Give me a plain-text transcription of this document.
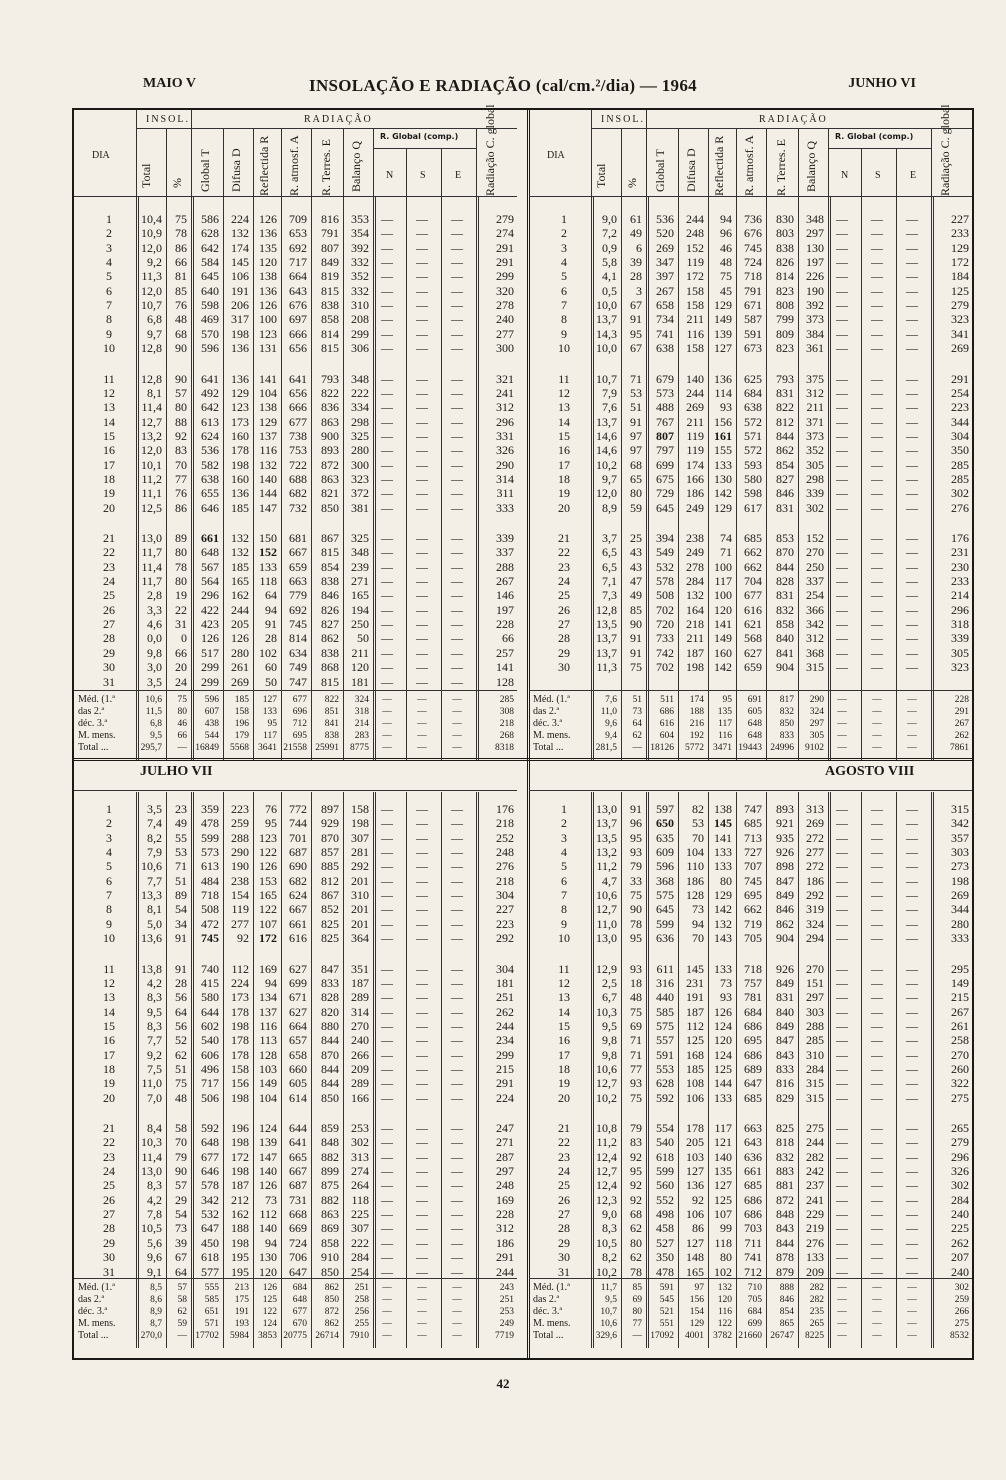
MAIO V	INSOLAÇÃO E RADIAÇÃO (cal/cm.²/dia) — 1964	JUNHO VI
DIA
INSOL.	RADIAÇÃO
R. Global (comp.)
N	S	E
Total % Global T Difusa D Reflectida R R. atmosf. A R. Terres. E Balanço Q	Radiação C. global
1	10,4 75 586 224 126 709 816 353	—	—	—	279
2	10,9 78 628 132 136 653 791 354	—	—	—	274
3	12,0 86 642 174 135 692 807 392	—	—	—	291
4	9,2 66 584 145 120 717 849 332	—	—	—	291
5	11,3 81 645 106 138 664 819 352	—	—	—	299
6	12,0 85 640 191 136 643 815 332	—	—	—	320
7	10,7 76 598 206 126 676 838 310	—	—	—	278
8	6,8 48 469 317 100 697 858 208	—	—	—	240
9	9,7 68 570 198 123 666 814 299	—	—	—	277
10	12,8 90 596 136 131 656 815 306	—	—	—	300
11	12,8 90 641 136 141 641 793 348	—	—	—	321
12	8,1 57 492 129 104 656 822 222	—	—	—	241
13	11,4 80 642 123 138 666 836 334	—	—	—	312
14	12,7 88 613 173 129 677 863 298	—	—	—	296
15	13,2 92 624 160 137 738 900 325	—	—	—	331
16	12,0 83 536 178 116 753 893 280	—	—	—	326
17	10,1 70 582 198 132 722 872 300	—	—	—	290
18	11,2 77 638 160 140 688 863 323	—	—	—	314
19	11,1 76 655 136 144 682 821 372	—	—	—	311
20	12,5 86 646 185 147 732 850 381	—	—	—	333
21	13,0 89 661 132 150 681 867 325	—	—	—	339
22	11,7 80 648 132 152 667 815 348	—	—	—	337
23	11,4 78 567 185 133 659 854 239	—	—	—	288
24	11,7 80 564 165 118 663 838 271	—	—	—	267
25	2,8 19 296 162 64 779 846 165	—	—	—	146
26	3,3 22 422 244 94 692 826 194	—	—	—	197
27	4,6 31 423 205 91 745 827 250	—	—	—	228
28	0,0 0 126 126 28 814 862 50	—	—	—	66
29	9,8 66 517 280 102 634 838 211	—	—	—	257
30	3,0 20 299 261 60 749 868 120	—	—	—	141
31	3,5 24 299 269 50 747 815 181	—	—	—	128
Méd. (1.ª	10,6 75 596 185 127 677 822 324	—	—	—	285
das 2.ª	11,5 80 607 158 133 696 851 318	—	—	—	308
déc. 3.ª	6,8 46 438 196 95 712 841 214	—	—	—	218
M. mens.	9,5 66 544 179 117 695 838 283	—	—	—	268
Total ...	295,7 — 16849 5568 3641 21558 25991 8775	—	—	—	8318
DIA
INSOL.	RADIAÇÃO
R. Global (comp.)
N	S	E
Total % Global T Difusa D Reflectida R R. atmosf. A R. Terres. E Balanço Q	Radiação C. global
1	9,0 61 536 244 94 736 830 348	—	—	—	227
2	7,2 49 520 248 96 676 803 297	—	—	—	233
3	0,9 6 269 152 46 745 838 130	—	—	—	129
4	5,8 39 347 119 48 724 826 197	—	—	—	172
5	4,1 28 397 172 75 718 814 226	—	—	—	184
6	0,5 3 267 158 45 791 823 190	—	—	—	125
7	10,0 67 658 158 129 671 808 392	—	—	—	279
8	13,7 91 734 211 149 587 799 373	—	—	—	323
9	14,3 95 741 116 139 591 809 384	—	—	—	341
10	10,0 67 638 158 127 673 823 361	—	—	—	269
11	10,7 71 679 140 136 625 793 375	—	—	—	291
12	7,9 53 573 244 114 684 831 312	—	—	—	254
13	7,6 51 488 269 93 638 822 211	—	—	—	223
14	13,7 91 767 211 156 572 812 371	—	—	—	344
15	14,6 97 807 119 161 571 844 373	—	—	—	304
16	14,6 97 797 119 155 572 862 352	—	—	—	350
17	10,2 68 699 174 133 593 854 305	—	—	—	285
18	9,7 65 675 166 130 580 827 298	—	—	—	285
19	12,0 80 729 186 142 598 846 339	—	—	—	302
20	8,9 59 645 249 129 617 831 302	—	—	—	276
21	3,7 25 394 238 74 685 853 152	—	—	—	176
22	6,5 43 549 249 71 662 870 270	—	—	—	231
23	6,5 43 532 278 100 662 844 250	—	—	—	230
24	7,1 47 578 284 117 704 828 337	—	—	—	233
25	7,3 49 508 132 100 677 831 254	—	—	—	214
26	12,8 85 702 164 120 616 832 366	—	—	—	296
27	13,5 90 720 218 141 621 858 342	—	—	—	318
28	13,7 91 733 211 149 568 840 312	—	—	—	339
29	13,7 91 742 187 160 627 841 368	—	—	—	305
30	11,3 75 702 198 142 659 904 315	—	—	—	323
Méd. (1.ª	7,6 51 511 174 95 691 817 290	—	—	—	228
das 2.ª	11,0 73 686 188 135 605 832 324	—	—	—	291
déc. 3.ª	9,6 64 616 216 117 648 850 297	—	—	—	267
M. mens.	9,4 62 604 192 116 648 833 305	—	—	—	262
Total ...	281,5 — 18126 5772 3471 19443 24996 9102	—	—	—	7861
JULHO VII
1	3,5 23 359 223 76 772 897 158	—	—	—	176
2	7,4 49 478 259 95 744 929 198	—	—	—	218
3	8,2 55 599 288 123 701 870 307	—	—	—	252
4	7,9 53 573 290 122 687 857 281	—	—	—	248
5	10,6 71 613 190 126 690 885 292	—	—	—	276
6	7,7 51 484 238 153 682 812 201	—	—	—	218
7	13,3 89 718 154 165 624 867 310	—	—	—	304
8	8,1 54 508 119 122 667 852 201	—	—	—	227
9	5,0 34 472 277 107 661 825 201	—	—	—	223
10	13,6 91 745 92 172 616 825 364	—	—	—	292
11	13,8 91 740 112 169 627 847 351	—	—	—	304
12	4,2 28 415 224 94 699 833 187	—	—	—	181
13	8,3 56 580 173 134 671 828 289	—	—	—	251
14	9,5 64 644 178 137 627 820 314	—	—	—	262
15	8,3 56 602 198 116 664 880 270	—	—	—	244
16	7,7 52 540 178 113 657 844 240	—	—	—	234
17	9,2 62 606 178 128 658 870 266	—	—	—	299
18	7,5 51 496 158 103 660 844 209	—	—	—	215
19	11,0 75 717 156 149 605 844 289	—	—	—	291
20	7,0 48 506 198 104 614 850 166	—	—	—	224
21	8,4 58 592 196 124 644 859 253	—	—	—	247
22	10,3 70 648 198 139 641 848 302	—	—	—	271
23	11,4 79 677 172 147 665 882 313	—	—	—	287
24	13,0 90 646 198 140 667 899 274	—	—	—	297
25	8,3 57 578 187 126 687 875 264	—	—	—	248
26	4,2 29 342 212 73 731 882 118	—	—	—	169
27	7,8 54 532 162 112 668 863 225	—	—	—	228
28	10,5 73 647 188 140 669 869 307	—	—	—	312
29	5,6 39 450 198 94 724 858 222	—	—	—	186
30	9,6 67 618 195 130 706 910 284	—	—	—	291
31	9,1 64 577 195 120 647 850 254	—	—	—	244
Méd. (1.ª	8,5 57 555 213 126 684 862 251	—	—	—	243
das 2.ª	8,6 58 585 175 125 648 850 258	—	—	—	251
déc. 3.ª	8,9 62 651 191 122 677 872 256	—	—	—	253
M. mens.	8,7 59 571 193 124 670 862 255	—	—	—	249
Total ...	270,0 — 17702 5984 3853 20775 26714 7910	—	—	—	7719
AGOSTO VIII
1	13,0 91 597 82 138 747 893 313	—	—	—	315
2	13,7 96 650 53 145 685 921 269	—	—	—	342
3	13,5 95 635 70 141 713 935 272	—	—	—	357
4	13,2 93 609 104 133 727 926 277	—	—	—	303
5	11,2 79 596 110 133 707 898 272	—	—	—	273
6	4,7 33 368 186 80 745 847 186	—	—	—	198
7	10,6 75 575 128 129 695 849 292	—	—	—	269
8	12,7 90 645 73 142 662 846 319	—	—	—	344
9	11,0 78 599 94 132 719 862 324	—	—	—	280
10	13,0 95 636 70 143 705 904 294	—	—	—	333
11	12,9 93 611 145 133 718 926 270	—	—	—	295
12	2,5 18 316 231 73 757 849 151	—	—	—	149
13	6,7 48 440 191 93 781 831 297	—	—	—	215
14	10,3 75 585 187 126 684 840 303	—	—	—	267
15	9,5 69 575 112 124 686 849 288	—	—	—	261
16	9,8 71 557 125 120 695 847 285	—	—	—	258
17	9,8 71 591 168 124 686 843 310	—	—	—	270
18	10,6 77 553 185 125 689 833 284	—	—	—	260
19	12,7 93 628 108 144 647 816 315	—	—	—	322
20	10,2 75 592 106 133 685 829 315	—	—	—	275
21	10,8 79 554 178 117 663 825 275	—	—	—	265
22	11,2 83 540 205 121 643 818 244	—	—	—	279
23	12,4 92 618 103 140 636 832 282	—	—	—	296
24	12,7 95 599 127 135 661 883 242	—	—	—	326
25	12,4 92 560 136 127 685 881 237	—	—	—	302
26	12,3 92 552 92 125 686 872 241	—	—	—	284
27	9,0 68 498 106 107 686 848 229	—	—	—	240
28	8,3 62 458 86 99 703 843 219	—	—	—	225
29	10,5 80 527 127 118 711 844 276	—	—	—	262
30	8,2 62 350 148 80 741 878 133	—	—	—	207
31	10,2 78 478 165 102 712 879 209	—	—	—	240
Méd. (1.ª	11,7 85 591 97 132 710 888 282	—	—	—	302
das 2.ª	9,5 69 545 156 120 705 846 282	—	—	—	259
déc. 3.ª	10,7 80 521 154 116 684 854 235	—	—	—	266
M. mens.	10,6 77 551 129 122 699 865 265	—	—	—	275
Total ...	329,6 — 17092 4001 3782 21660 26747 8225	—	—	—	8532
42
